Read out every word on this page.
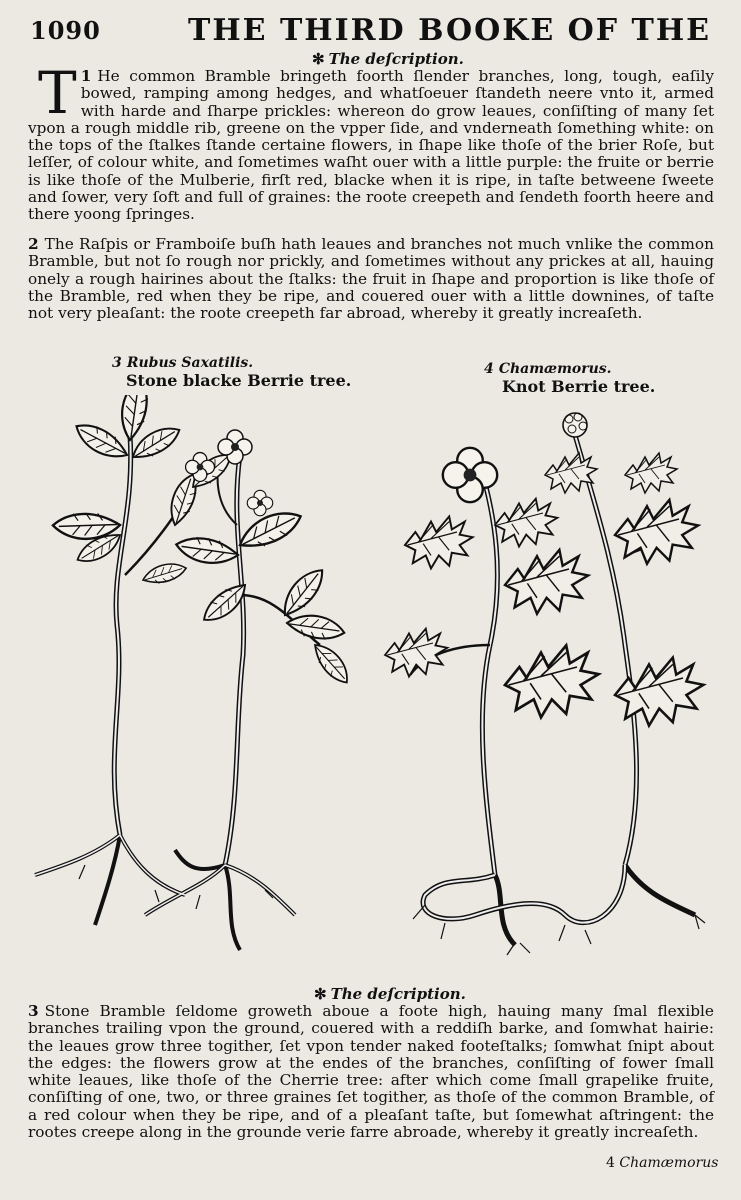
1090	THE THIRD BOOKE OF THE
✻ The deſcription.
1
T He common Bramble bringeth foorth ſlender branches, long, tough, eaſily bowed, ramping among hedges, and whatſoeuer ſtandeth neere vnto it, armed with harde and ſharpe prickles: whereon do grow leaues, conſiſting of many ſet vpon a rough middle rib, greene on the vpper ſide, and vnderneath ſomething white: on the tops of the ſtalkes ſtande certaine flowers, in ſhape like thoſe of the brier Roſe, but leſſer, of colour white, and ſometimes waſht ouer with a little purple: the fruite or berrie is like thoſe of the Mulberie, firſt red, blacke when it is ripe, in taſte betweene ſweete and ſower, very ſoft and full of graines: the roote creepeth and ſendeth foorth heere and there yoong ſpringes.
2 The Raſpis or Framboiſe buſh hath leaues and branches not much vnlike the common Bramble, but not ſo rough nor prickly, and ſometimes without any prickes at all, hauing onely a rough hairines about the ſtalks: the fruit in ſhape and proportion is like thoſe of the Bramble, red when they be ripe, and couered ouer with a little downines, of taſte not very pleaſant: the roote creepeth far abroad, whereby it greatly increaſeth.
3 Rubus Saxatilis.
Stone blacke Berrie tree.
4 Chamæmorus.
Knot Berrie tree.
✻ The deſcription.
3 Stone Bramble ſeldome groweth aboue a foote high, hauing many ſmal flexible branches trailing vpon the ground, couered with a reddiſh barke, and ſomwhat hairie: the leaues grow three togither, ſet vpon tender naked footeſtalks; ſomwhat ſnipt about the edges: the flowers grow at the endes of the branches, conſiſting of fower ſmall white leaues, like thoſe of the Cherrie tree: after which come ſmall grapelike fruite, conſiſting of one, two, or three graines ſet togither, as thoſe of the common Bramble, of a red colour when they be ripe, and of a pleaſant taſte, but ſomewhat aſtringent: the rootes creepe along in the grounde verie farre abroade, whereby it greatly increaſeth.
4 Chamæmorus
